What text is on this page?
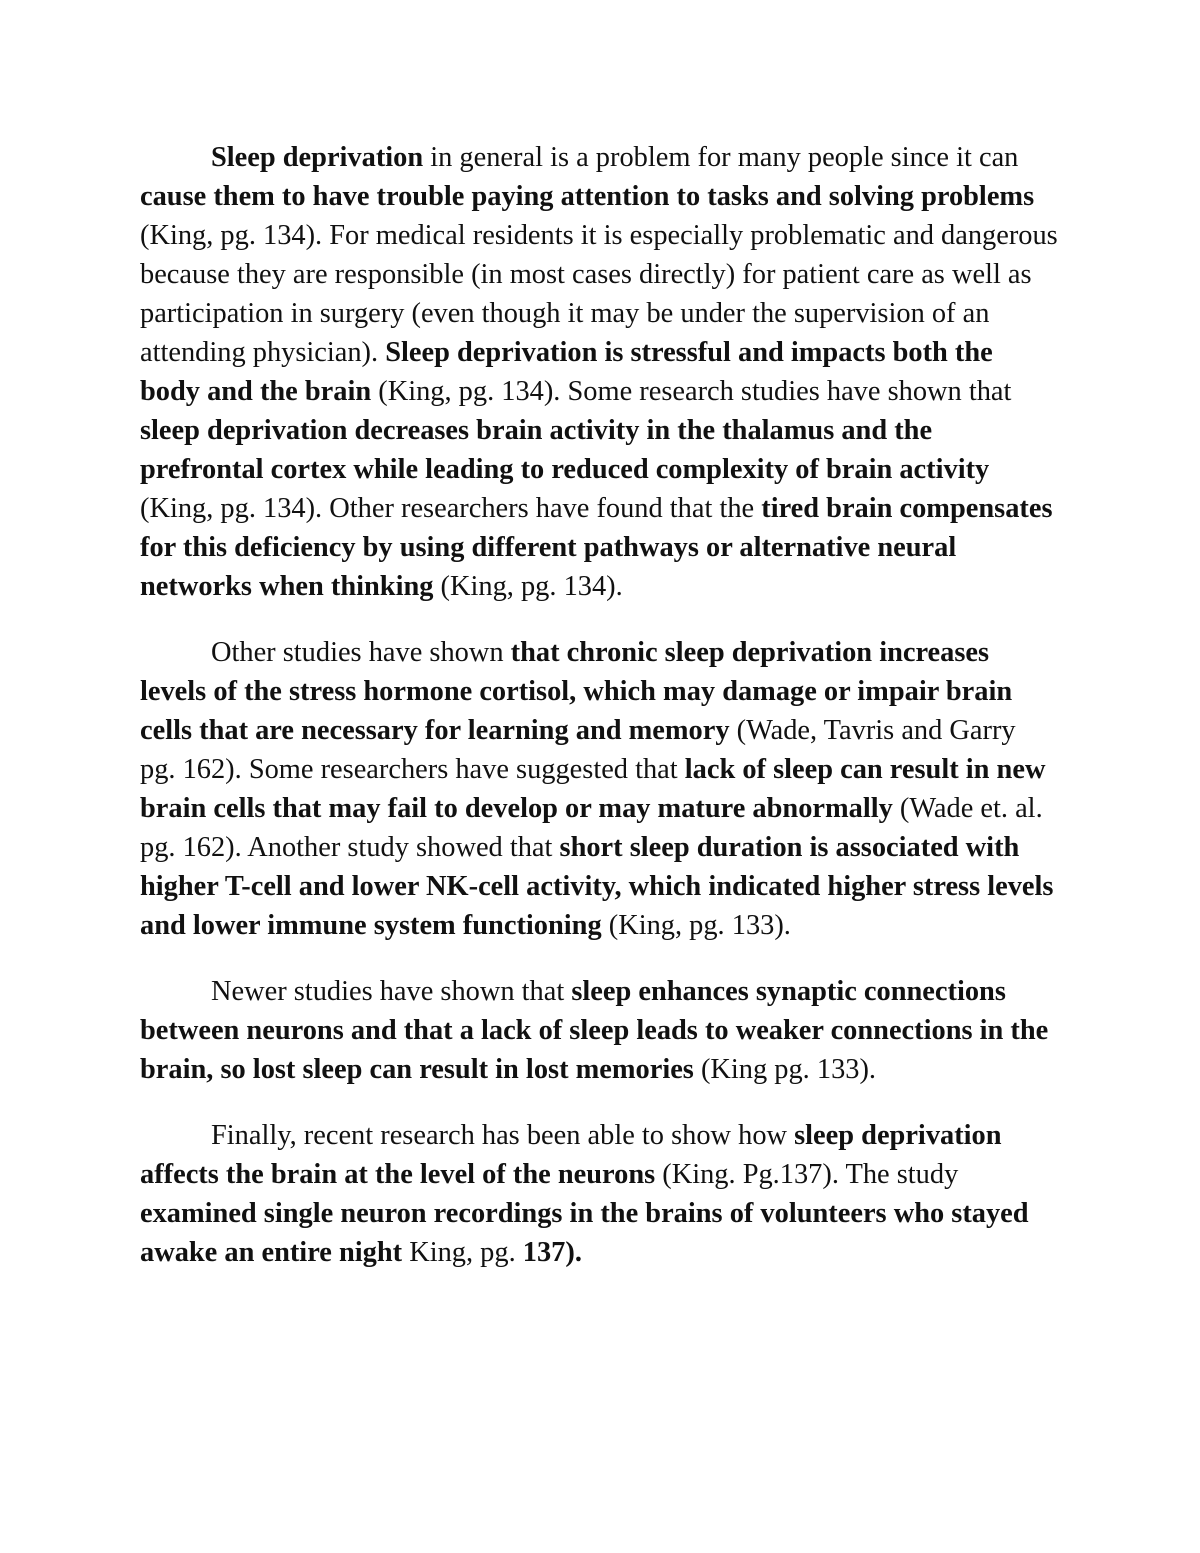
Sleep deprivation in general is a problem for many people since it can cause them to have trouble paying attention to tasks and solving problems (King, pg. 134). For medical residents it is especially problematic and dangerous because they are responsible (in most cases directly) for patient care as well as participation in surgery (even though it may be under the supervision of an attending physician). Sleep deprivation is stressful and impacts both the body and the brain (King, pg. 134). Some research studies have shown that sleep deprivation decreases brain activity in the thalamus and the prefrontal cortex while leading to reduced complexity of brain activity (King, pg. 134). Other researchers have found that the tired brain compensates for this deficiency by using different pathways or alternative neural networks when thinking (King, pg. 134).

Other studies have shown that chronic sleep deprivation increases levels of the stress hormone cortisol, which may damage or impair brain cells that are necessary for learning and memory (Wade, Tavris and Garry pg. 162). Some researchers have suggested that lack of sleep can result in new brain cells that may fail to develop or may mature abnormally (Wade et. al. pg. 162). Another study showed that short sleep duration is associated with higher T-cell and lower NK-cell activity, which indicated higher stress levels and lower immune system functioning (King, pg. 133).

Newer studies have shown that sleep enhances synaptic connections between neurons and that a lack of sleep leads to weaker connections in the brain, so lost sleep can result in lost memories (King pg. 133).

Finally, recent research has been able to show how sleep deprivation affects the brain at the level of the neurons (King. Pg.137). The study examined single neuron recordings in the brains of volunteers who stayed awake an entire night King, pg. 137).
